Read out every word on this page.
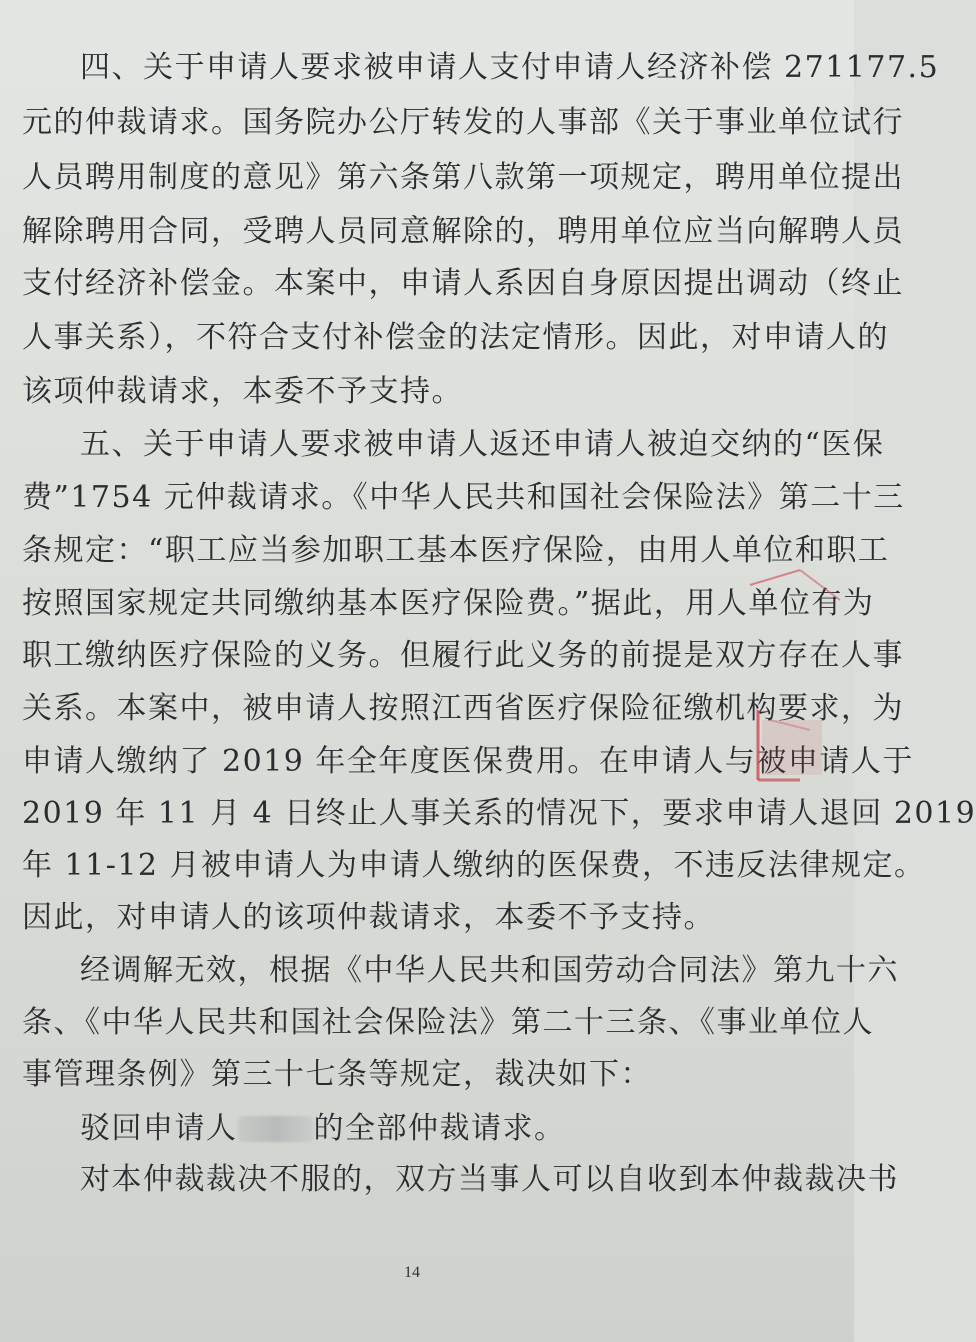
四、关于申请人要求被申请人支付申请人经济补偿 271177.5
元的仲裁请求。国务院办公厅转发的人事部《关于事业单位试行
人员聘用制度的意见》第六条第八款第一项规定，聘用单位提出
解除聘用合同，受聘人员同意解除的，聘用单位应当向解聘人员
支付经济补偿金。本案中，申请人系因自身原因提出调动（终止
人事关系），不符合支付补偿金的法定情形。因此，对申请人的
该项仲裁请求，本委不予支持。
五、关于申请人要求被申请人返还申请人被迫交纳的“医保
费”1754 元仲裁请求。《中华人民共和国社会保险法》第二十三
条规定：“职工应当参加职工基本医疗保险，由用人单位和职工
按照国家规定共同缴纳基本医疗保险费。”据此，用人单位有为
职工缴纳医疗保险的义务。但履行此义务的前提是双方存在人事
关系。本案中，被申请人按照江西省医疗保险征缴机构要求，为
申请人缴纳了 2019 年全年度医保费用。在申请人与被申请人于
2019 年 11 月 4 日终止人事关系的情况下，要求申请人退回 2019
年 11-12 月被申请人为申请人缴纳的医保费，不违反法律规定。
因此，对申请人的该项仲裁请求，本委不予支持。
经调解无效，根据《中华人民共和国劳动合同法》第九十六
条、《中华人民共和国社会保险法》第二十三条、《事业单位人
事管理条例》第三十七条等规定，裁决如下：
驳回申请人	的全部仲裁请求。
对本仲裁裁决不服的，双方当事人可以自收到本仲裁裁决书
14
